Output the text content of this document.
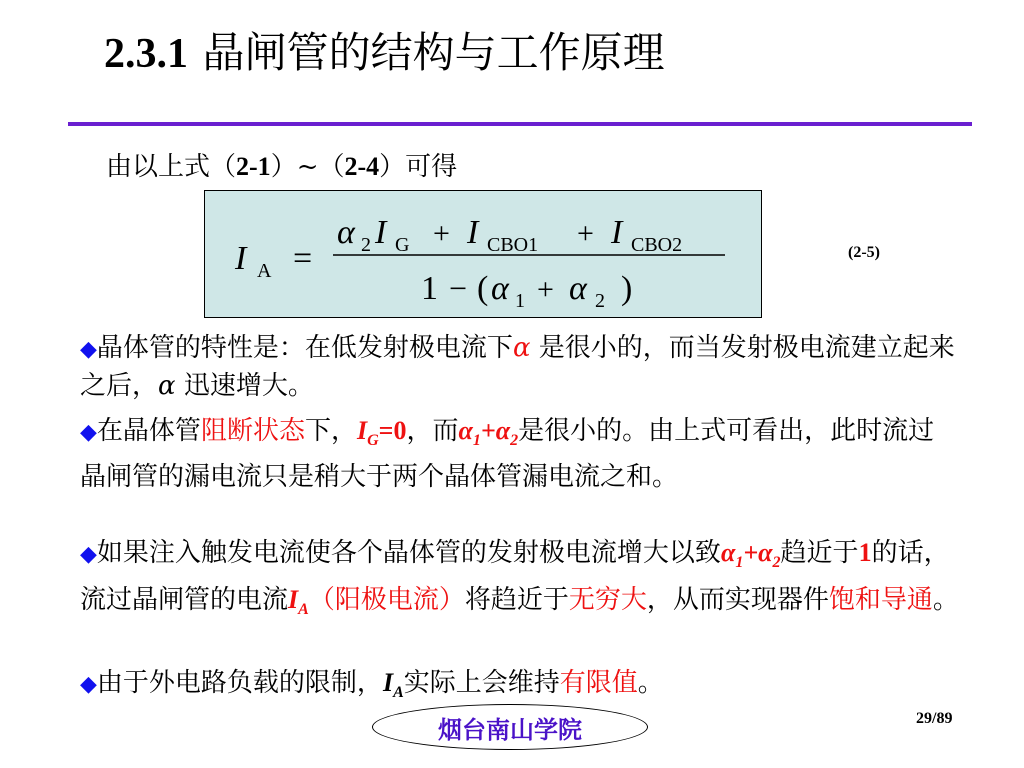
2.3.1 晶闸管的结构与工作原理
由以上式（2-1）~（2-4）可得
I A =
α 2 I G + I CBO1 + I CBO2
1 − ( α 1 + α 2 )
(2-5)
◆晶体管的特性是：在低发射极电流下α 是很小的，而当发射极电流建立起来之后，α 迅速增大。
◆在晶体管阻断状态下，$I_G=0$，而$\alpha_1+\alpha_2$是很小的。由上式可看出，此时流过晶闸管的漏电流只是稍大于两个晶体管漏电流之和。
◆如果注入触发电流使各个晶体管的发射极电流增大以致$\alpha_1+\alpha_2$趋近于1的话，流过晶闸管的电流$I_A$（阳极电流）将趋近于无穷大，从而实现器件饱和导通。
◆由于外电路负载的限制，$I_A$实际上会维持有限值。
烟台南山学院	29/89
